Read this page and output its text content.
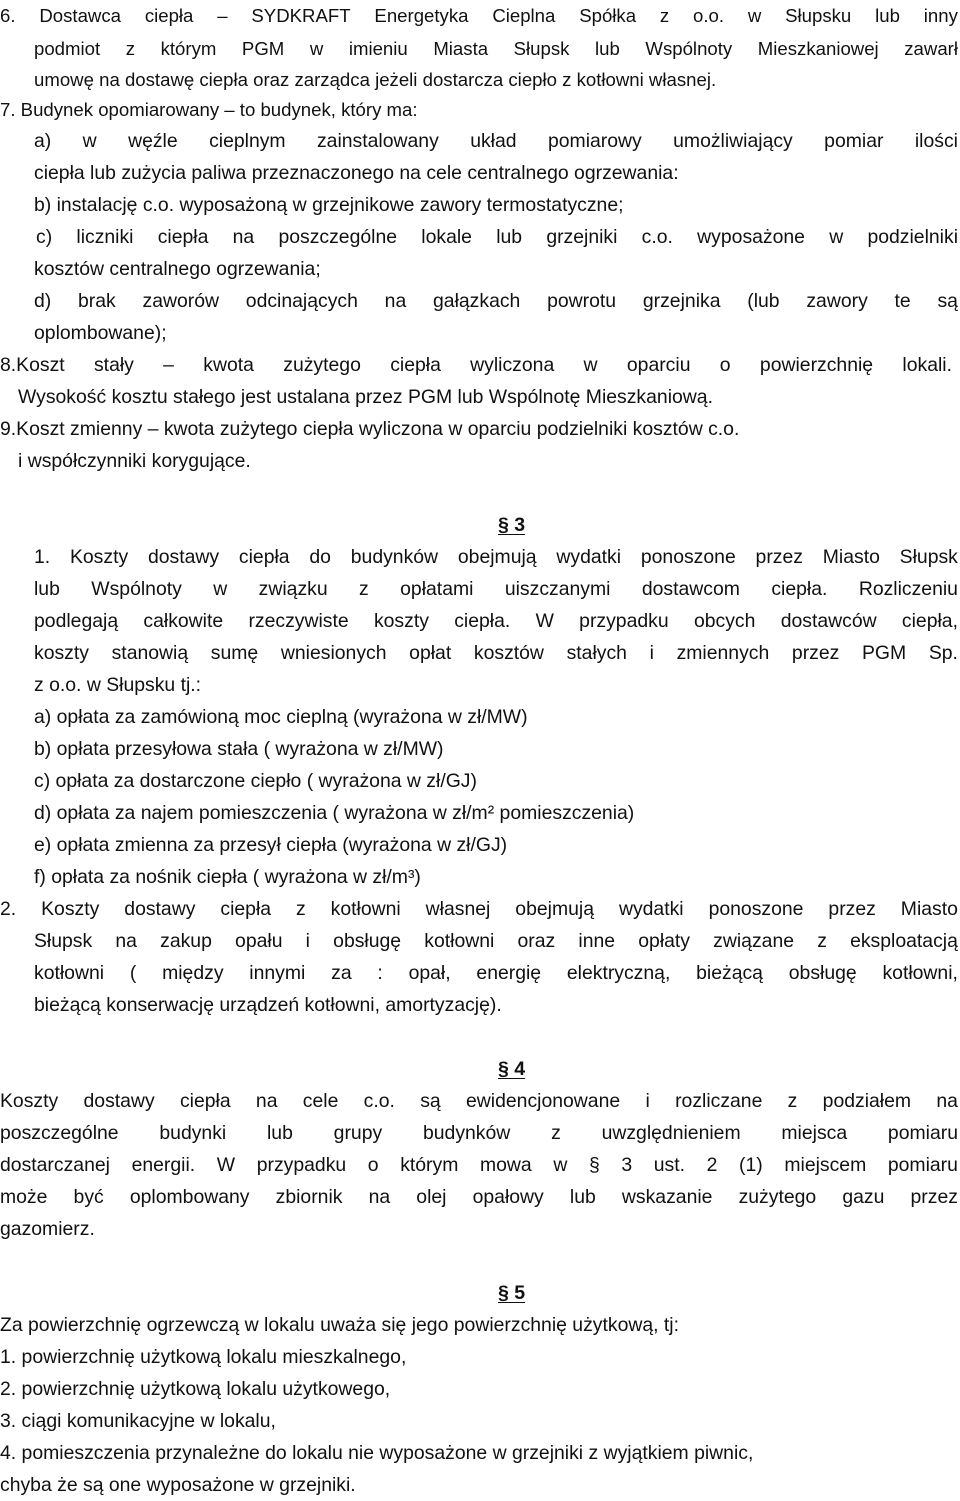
6. Dostawca ciepła – SYDKRAFT Energetyka Cieplna Spółka z o.o. w Słupsku lub inny

podmiot z którym PGM w imieniu Miasta Słupsk lub Wspólnoty Mieszkaniowej zawarł

umowę na dostawę ciepła oraz zarządca jeżeli dostarcza ciepło z kotłowni własnej.

7. Budynek opomiarowany – to budynek, który ma:

a) w węźle cieplnym zainstalowany układ pomiarowy umożliwiający pomiar ilości

ciepła lub zużycia paliwa przeznaczonego na cele centralnego ogrzewania:

b) instalację c.o. wyposażoną w grzejnikowe zawory termostatyczne;

c) liczniki ciepła na poszczególne lokale lub grzejniki c.o. wyposażone w podzielniki

kosztów centralnego ogrzewania;

d) brak zaworów odcinających na gałązkach powrotu grzejnika (lub zawory te są

oplombowane);

8.Koszt stały – kwota zużytego ciepła wyliczona w oparciu o powierzchnię lokali.

Wysokość kosztu stałego jest ustalana przez PGM lub Wspólnotę Mieszkaniową.

9.Koszt zmienny – kwota zużytego ciepła wyliczona w oparciu podzielniki kosztów c.o.

i współczynniki korygujące.

§ 3

1. Koszty dostawy ciepła do budynków obejmują wydatki ponoszone przez Miasto Słupsk

lub Wspólnoty w związku z opłatami uiszczanymi dostawcom ciepła. Rozliczeniu

podlegają całkowite rzeczywiste koszty ciepła. W przypadku obcych dostawców ciepła,

koszty stanowią sumę wniesionych opłat kosztów stałych i zmiennych przez PGM Sp.

z o.o. w Słupsku tj.:

a) opłata za zamówioną moc cieplną (wyrażona w zł/MW)

b) opłata przesyłowa stała ( wyrażona w zł/MW)

c) opłata za dostarczone ciepło ( wyrażona w zł/GJ)

d) opłata za najem pomieszczenia ( wyrażona w zł/m² pomieszczenia)

e) opłata zmienna za przesył ciepła (wyrażona w zł/GJ)

f) opłata za nośnik ciepła ( wyrażona w zł/m³)

2. Koszty dostawy ciepła z kotłowni własnej obejmują wydatki ponoszone przez Miasto

Słupsk na zakup opału i obsługę kotłowni oraz inne opłaty związane z eksploatacją

kotłowni ( między innymi za : opał, energię elektryczną, bieżącą obsługę kotłowni,

bieżącą konserwację urządzeń kotłowni, amortyzację).

§ 4

Koszty dostawy ciepła na cele c.o. są ewidencjonowane i rozliczane z podziałem na

poszczególne budynki lub grupy budynków z uwzględnieniem miejsca pomiaru

dostarczanej energii. W przypadku o którym mowa w § 3 ust. 2 (1) miejscem pomiaru

może być oplombowany zbiornik na olej opałowy lub wskazanie zużytego gazu przez

gazomierz.

§ 5

Za powierzchnię ogrzewczą w lokalu uważa się jego powierzchnię użytkową, tj:

1. powierzchnię użytkową lokalu mieszkalnego,

2. powierzchnię użytkową lokalu użytkowego,

3. ciągi komunikacyjne w lokalu,

4. pomieszczenia przynależne do lokalu nie wyposażone w grzejniki z wyjątkiem piwnic,

chyba że są one wyposażone w grzejniki.
